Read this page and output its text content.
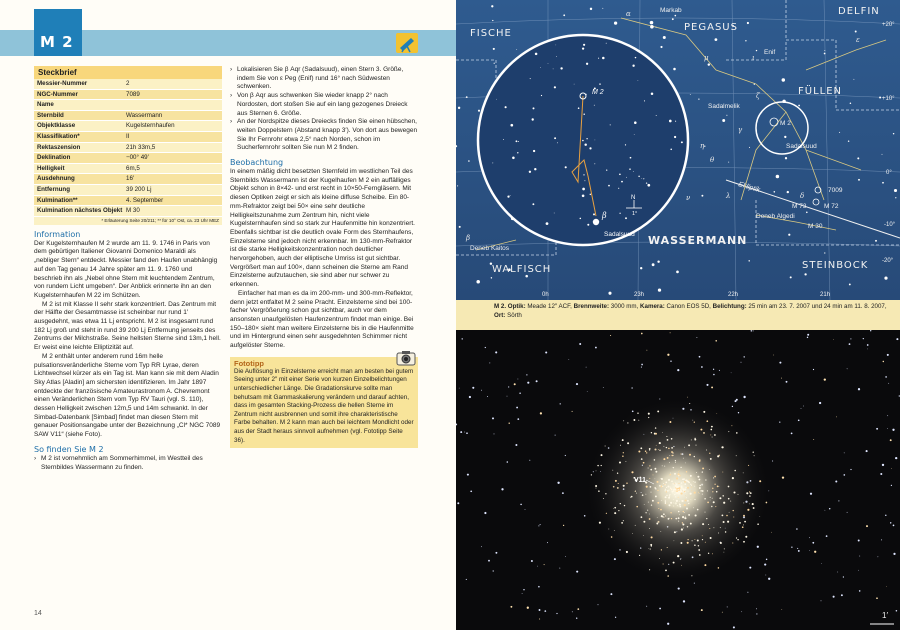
M 2
Steckbrief
Messier-Nummer	2
NGC-Nummer	7089
Name
Sternbild	Wassermann
Objektklasse	Kugelsternhaufen
Klassifikation*	II
Rektaszension	21h 33m,5
Deklination	−00° 49′
Helligkeit	6m,5
Ausdehnung	16′
Entfernung	39 200 Lj
Kulmination**	4. September
Kulmination nächstes Objekt M 30
* Erläuterung Seite 20/211; ** für 10° Ost, ca. 23 Uhr MEZ
Information

Der Kugelsternhaufen M 2 wurde am 11. 9. 1746 in Paris von dem gebürtigen Italiener Giovanni Domenico Maraldi als „nebliger Stern“ entdeckt. Messier fand den Haufen unabhängig auf den Tag genau 14 Jahre später am 11. 9. 1760 und beschrieb ihn als „Nebel ohne Stern mit leuchtendem Zentrum, von rundem Licht umgeben“. Der Anblick erinnerte ihn an den Kugelsternhaufen M 22 im Schützen.

M 2 ist mit Klasse II sehr stark konzentriert. Das Zentrum mit der Hälfte der Gesamtmasse ist scheinbar nur rund 1′ ausgedehnt, was etwa 11 Lj entspricht. M 2 ist insgesamt rund 182 Lj groß und steht in rund 39 200 Lj Entfernung jenseits des Zentrums der Milchstraße. Seine hellsten Sterne sind 13m,1 hell. Er weist eine leichte Elliptizität auf.

M 2 enthält unter anderem rund 16m helle pulsationsveränderliche Sterne vom Typ RR Lyrae, deren Lichtwechsel kürzer als ein Tag ist. Man kann sie mit dem Aladin Sky Atlas [Aladin] am sichersten identifizieren. Im Jahr 1897 entdeckte der französische Amateurastronom A. Chevremont einen Veränderlichen Stern vom Typ RV Tauri (vgl. S. 110), dessen Helligkeit zwischen 12m,5 und 14m schwankt. In der Simbad-Datenbank [Simbad] findet man diesen Stern mit genauer Positionsangabe unter der Bezeichnung „Cl* NGC 7089 SAW V11“ (siehe Foto).

So finden Sie M 2
› M 2 ist vornehmlich am Sommerhimmel, im Westteil des Sternbildes Wassermann zu finden.
› Lokalisieren Sie β Aqr (Sadalsuud), einen Stern 3. Größe, indem Sie von ε Peg (Enif) rund 16° nach Südwesten schwenken.
› Von β Aqr aus schwenken Sie wieder knapp 2° nach Nordosten, dort stoßen Sie auf ein lang gezogenes Dreieck aus Sternen 6. Größe.
› An der Nordspitze dieses Dreiecks finden Sie einen hübschen, weiten Doppelstern (Abstand knapp 3′). Von dort aus bewegen Sie Ihr Fernrohr etwa 2,5° nach Norden, schon im Sucherfernrohr sollten Sie nun M 2 finden.
Beobachtung

In einem mäßig dicht besetzten Sternfeld im westlichen Teil des Sternbilds Wassermann ist der Kugelhaufen M 2 ein auffälliges Objekt schon in 8×42- und erst recht in 10×50-Ferngläsern. Mit diesen Optiken zeigt er sich als kleine diffuse Scheibe. Ein 80-mm-Refraktor zeigt bei 50× eine sehr deutliche Helligkeitszunahme zum Zentrum hin, nicht viele Kugelsternhaufen sind so stark zur Haufenmitte hin konzentriert. Ebenfalls sichtbar ist die deutlich ovale Form des Sternhaufens, Einzelsterne sind jedoch nicht erkennbar. Im 130-mm-Refraktor ist die starke Helligkeitskonzentration noch deutlicher hervorgehoben, auch der elliptische Umriss ist gut sichtbar. Vergrößert man auf 100×, dann scheinen die Sterne am Rand Einzelsterne aufzutauchen, sie sind aber nur schwer zu erkennen.

Einfacher hat man es da im 200-mm- und 300-mm-Reflektor, denn jetzt entfaltet M 2 seine Pracht. Einzelsterne sind bei 100-facher Vergrößerung schon gut sichtbar, auch vor dem ansonsten unaufgelösten Haufenzentrum findet man einige. Bei 150–180× sieht man weitere Einzelsterne bis in die Haufenmitte und im Hintergrund einen sehr ausgedehnten Schimmer nicht aufgelöster Sterne.

Fototipp
Die Auflösung in Einzelsterne erreicht man am besten bei gutem Seeing unter 2″ mit einer Serie von kurzen Einzelbelichtungen unterschiedlicher Länge. Die Gradationskurve sollte man behutsam mit Gammaskalierung verändern und darauf achten, dass im gesamten Stacking-Prozess die hellen Sterne im Zentrum nicht ausbrennen und somit ihre charakteristische Farbe behalten. M 2 kann man auch bei leichtem Mondlicht oder aus der Stadt heraus sinnvoll aufnehmen (vgl. Fototipp Seite 36).
14
Ekliptik
FISCHE
PEGASUS
DELFIN
FÜLLEN
WASSERMANN
WALFISCH	STEINBOCK
Markab
Enif
Sadalmelik
Sadalsuud
Deneb Algedi
Deneb Kaitos
α
β
γ
δ
ε
ζ
η
θ
ι
λ
μ
ν
M 2
M 72
M 73
M 30
7009
M 2
Sadalsuud
β
N
1°
0h	23h	22h	21h
+20°
+10°
0°
-10°
-20°
M 2. Optik: Meade 12″ ACF, Brennweite: 3000 mm, Kamera: Canon EOS 5D, Belichtung: 25 min am 23. 7. 2007 und 24 min am 11. 8. 2007, Ort: Sörth
V11
1′
